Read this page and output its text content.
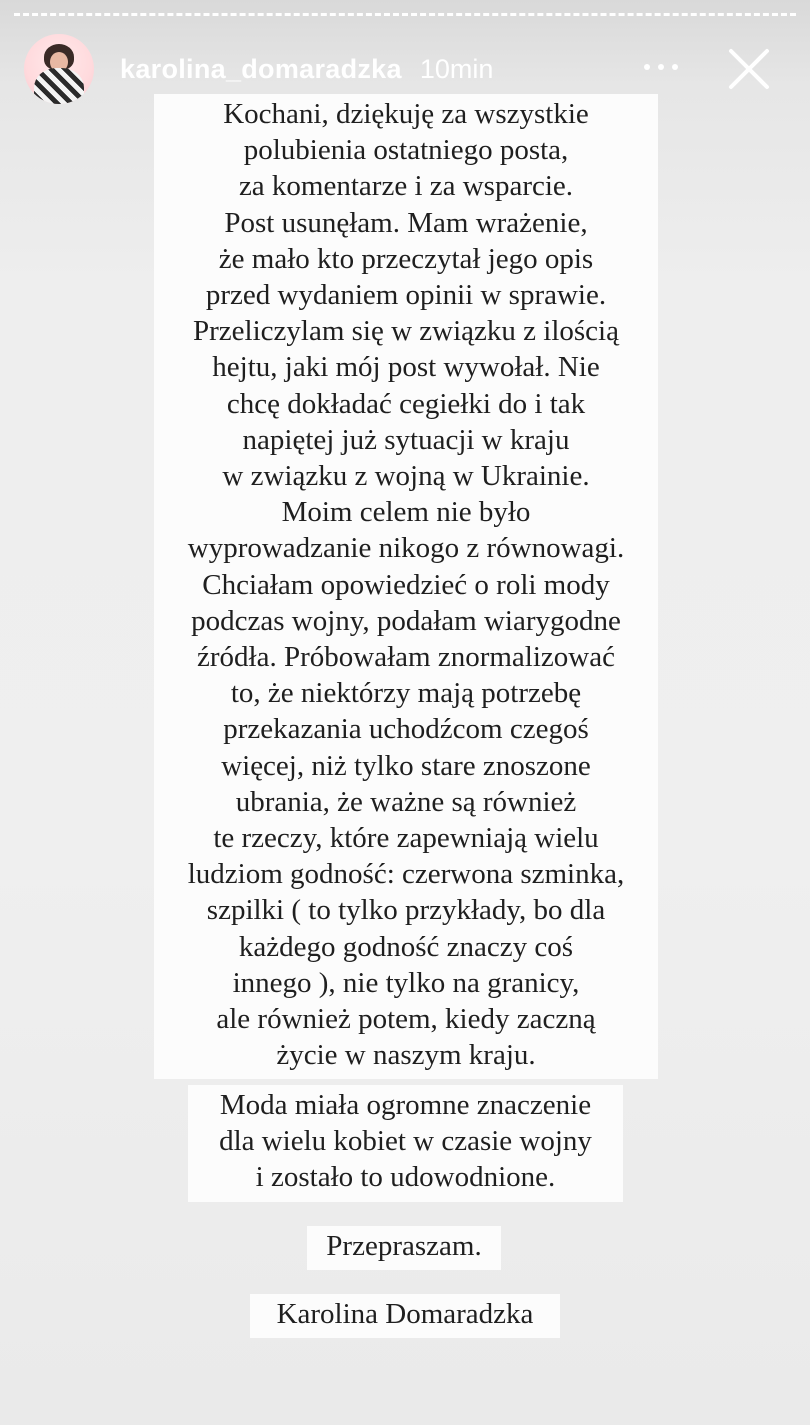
karolina_domaradzka 10min
Kochani, dziękuję za wszystkie
polubienia ostatniego posta,
za komentarze i za wsparcie.
Post usunęłam. Mam wrażenie,
że mało kto przeczytał jego opis
przed wydaniem opinii w sprawie.
Przeliczylam się w związku z ilością
hejtu, jaki mój post wywołał. Nie
chcę dokładać cegiełki do i tak
napiętej już sytuacji w kraju
w związku z wojną w Ukrainie.
Moim celem nie było
wyprowadzanie nikogo z równowagi.
Chciałam opowiedzieć o roli mody
podczas wojny, podałam wiarygodne
źródła. Próbowałam znormalizować
to, że niektórzy mają potrzebę
przekazania uchodźcom czegoś
więcej, niż tylko stare znoszone
ubrania, że ważne są również
te rzeczy, które zapewniają wielu
ludziom godność: czerwona szminka,
szpilki ( to tylko przykłady, bo dla
każdego godność znaczy coś
innego ), nie tylko na granicy,
ale również potem, kiedy zaczną
życie w naszym kraju.
Moda miała ogromne znaczenie
dla wielu kobiet w czasie wojny
i zostało to udowodnione.
Przepraszam.
Karolina Domaradzka
